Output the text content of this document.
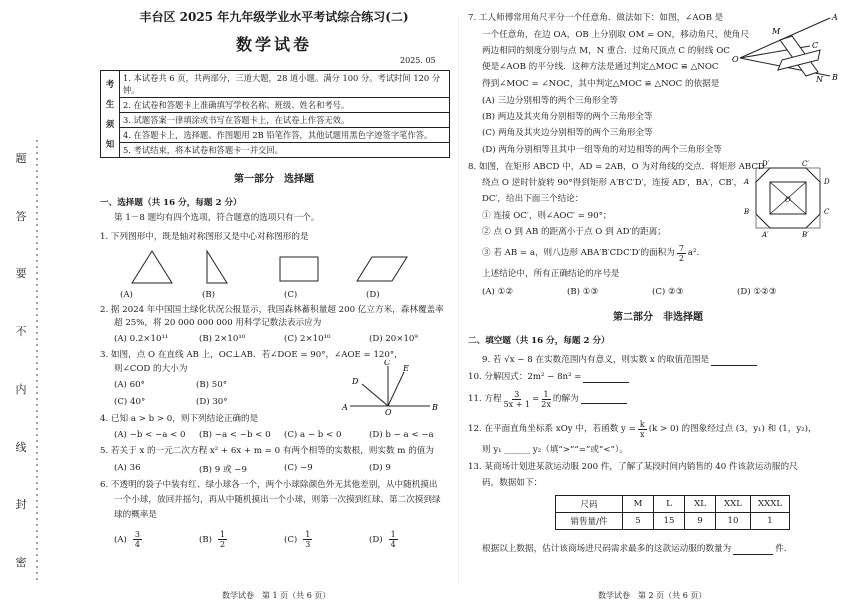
题
答
要
不
内
线
封
密
丰台区 2025 年九年级学业水平考试综合练习(二)
数学试卷
2025. 05
考
生
须
知
	1. 本试卷共 6 页，共两部分，三道大题，28 道小题。满分 100 分。考试时间 120 分钟。
2. 在试卷和答题卡上准确填写学校名称、班级、姓名和考号。
3. 试题答案一律填涂或书写在答题卡上，在试卷上作答无效。
4. 在答题卡上，选择题、作图题用 2B 铅笔作答，其他试题用黑色字迹签字笔作答。
5. 考试结束，将本试卷和答题卡一并交回。
第一部分　选择题
一、选择题（共 16 分，每题 2 分）
第 1－8 题均有四个选项，符合题意的选项只有一个。
1. 下列图形中，既是轴对称图形又是中心对称图形的是
(A)	(B)	(C)	(D)
2. 据 2024 年中国国土绿化状况公报显示，我国森林蓄积量超 200 亿立方米，森林覆盖率
超 25%，将 20 000 000 000 用科学记数法表示应为
(A) 0.2×10¹¹	(B) 2×10¹⁰	(C) 2×10¹⁰	(D) 20×10⁹
3. 如图，点 O 在直线 AB 上，OC⊥AB．若∠DOE = 90°，∠AOE = 120°，
则∠COD 的大小为
(A) 60°	(B) 50°
(C) 40°	(D) 30°
A	B
C
D
E
O
4. 已知 a > b > 0，则下列结论正确的是
(A) −b < −a < 0	(B) −a < −b < 0	(C) a − b < 0	(D) b − a < −a
5. 若关于 x 的一元二次方程 x² + 6x + m = 0 有两个相等的实数根，则实数 m 的值为
(A) 36	(B) 9 或 −9	(C) −9	(D) 9
6. 不透明的袋子中装有红、绿小球各一个，两个小球除颜色外无其他差别，从中随机摸出
一个小球，放回并摇匀，再从中随机摸出一个小球，则第一次摸到红球、第二次摸到绿
球的概率是
(A) 3
4	(B) 1
2	(C) 1
3	(D) 1
4
数学试卷　第 1 页（共 6 页）
7. 工人师傅常用角尺平分一个任意角．做法如下：如图，∠AOB 是
一个任意角，在边 OA，OB 上分别取 OM = ON，移动角尺，使角尺
两边相同的刻度分别与点 M，N 重合．过角尺顶点 C 的射线 OC
便是∠AOB 的平分线．这种方法是通过判定△MOC ≌ △NOC
得到∠MOC = ∠NOC，其中判定△MOC ≌ △NOC 的依据是
A
B
M
N
C
O
(A) 三边分别相等的两个三角形全等
(B) 两边及其夹角分别相等的两个三角形全等
(C) 两角及其夹边分别相等的两个三角形全等
(D) 两角分别相等且其中一组等角的对边相等的两个三角形全等
8. 如图，在矩形 ABCD 中，AD = 2AB，O 为对角线的交点．将矩形 ABCD
绕点 O 逆时针旋转 90°得到矩形 A′B′C′D′，连接 AD′，BA′，CB′，
DC′，给出下面三个结论：
① 连接 OC′，则∠AOC′ = 90°；
② 点 O 到 AB 的距离小于点 O 到 AD′的距离；
③ 若 AB = a，则八边形 ABA′B′CDC′D′的面积为 7
2
a².
D′	C′
B	C
A	D
O
A′	B′
上述结论中，所有正确结论的序号是
(A) ①②	(B) ①③	(C) ②③	(D) ①②③
第二部分　非选择题
二、填空题（共 16 分，每题 2 分）
9. 若 √x − 8 在实数范围内有意义，则实数 x 的取值范围是
10. 分解因式：2m² − 8n² =
11. 方程 $\frac{3}{5x + 1} = \frac{1}{2x}$ 的解为
12. 在平面直角坐标系 xOy 中，若函数 $y = \frac{k}{x} (k > 0)$ 的图象经过点 (3，y₁) 和 (1，y₂)，
则 y₁ ______ y₂（填“>”“=”或“<”）。
13. 某商场计划进某款运动服 200 件，了解了某段时间内销售的 40 件该款运动服的尺
码，数据如下：
尺码	M	L	XL	XXL	XXXL
销售量/件	5	15	9	10	1
根据以上数据，估计该商场进尺码需求最多的这款运动服的数量为	件.
数学试卷　第 2 页（共 6 页）
